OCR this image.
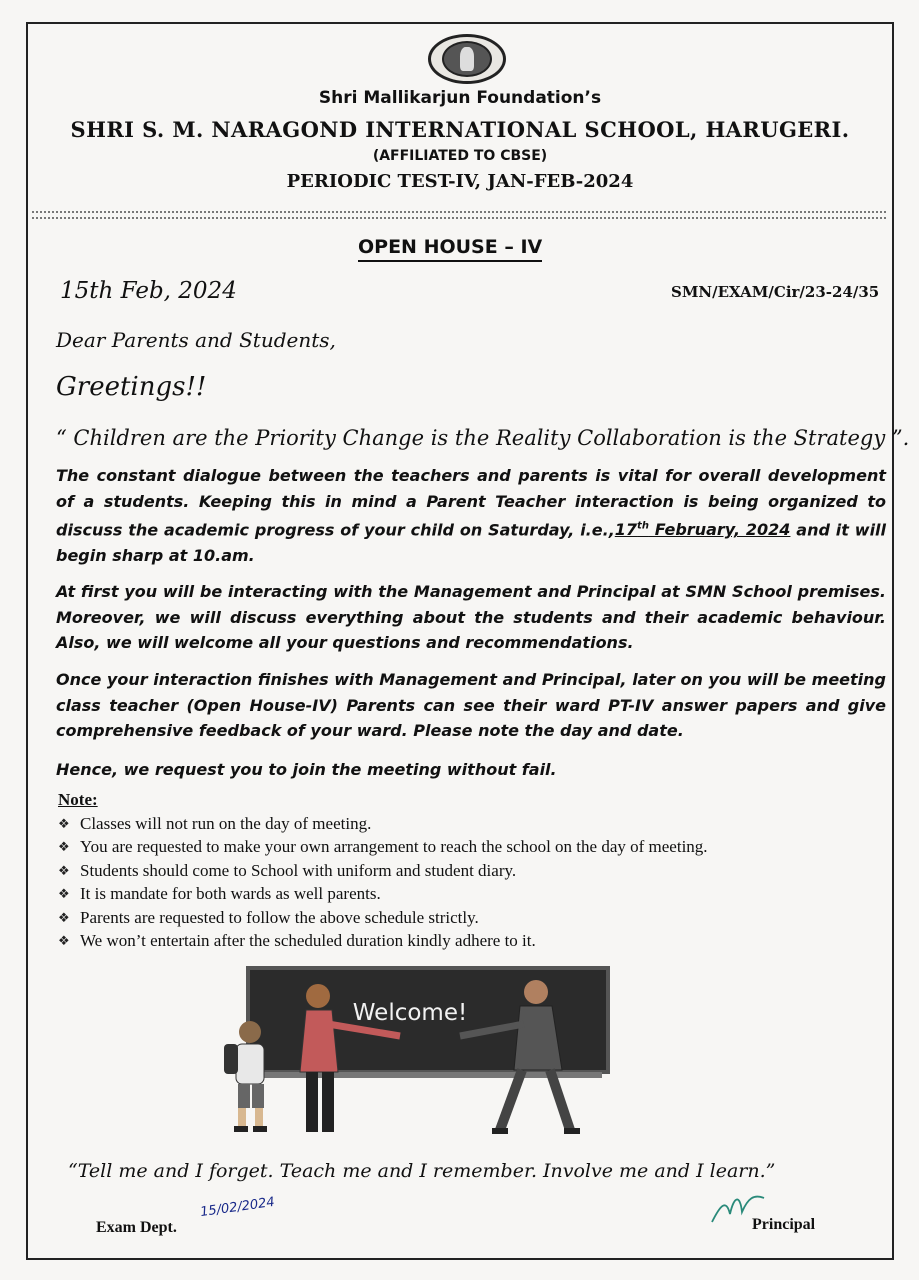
Shri Mallikarjun Foundation’s
SHRI S. M. NARAGOND INTERNATIONAL SCHOOL, HARUGERI.
(AFFILIATED TO CBSE)
PERIODIC TEST-IV, JAN-FEB-2024
OPEN HOUSE – IV
15th Feb, 2024	SMN/EXAM/Cir/23-24/35
Dear Parents and Students,
Greetings!!
“ Children are the Priority Change is the Reality Collaboration is the Strategy ”.
The constant dialogue between the teachers and parents is vital for overall development of a students. Keeping this in mind a Parent Teacher interaction is being organized to discuss the academic progress of your child on Saturday, i.e.,17th February, 2024 and it will begin sharp at 10.am.
At first you will be interacting with the Management and Principal at SMN School premises. Moreover, we will discuss everything about the students and their academic behaviour. Also, we will welcome all your questions and recommendations.
Once your interaction finishes with Management and Principal, later on you will be meeting class teacher (Open House-IV) Parents can see their ward PT-IV answer papers and give comprehensive feedback of your ward. Please note the day and date.
Hence, we request you to join the meeting without fail.
Note:
❖ Classes will not run on the day of meeting.
❖ You are requested to make your own arrangement to reach the school on the day of meeting.
❖ Students should come to School with uniform and student diary.
❖ It is mandate for both wards as well parents.
❖ Parents are requested to follow the above schedule strictly.
❖ We won’t entertain after the scheduled duration kindly adhere to it.
Welcome!
“Tell me and I forget. Teach me and I remember. Involve me and I learn.”
Exam Dept.
15/02/2024
Principal
